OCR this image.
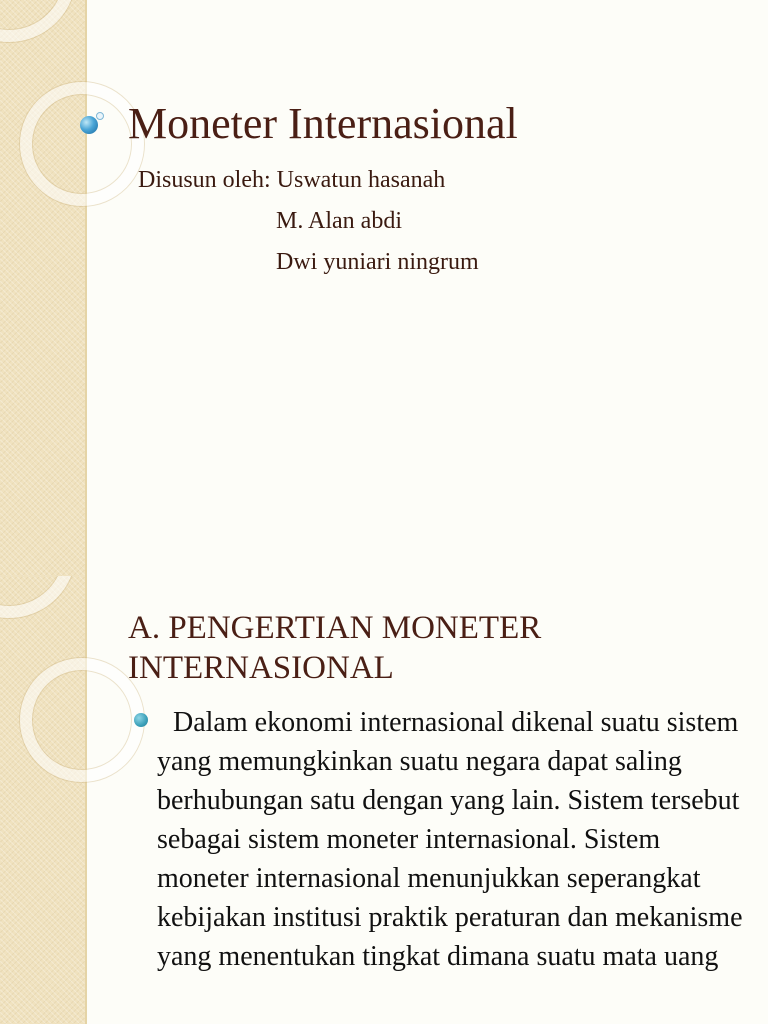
Moneter Internasional

Disusun oleh: Uswatun hasanah
M. Alan abdi
Dwi yuniari ningrum

A. PENGERTIAN MONETER
INTERNASIONAL

Dalam ekonomi internasional dikenal suatu sistem yang memungkinkan suatu negara dapat saling berhubungan satu dengan yang lain. Sistem tersebut sebagai sistem moneter internasional. Sistem moneter internasional menunjukkan seperangkat kebijakan institusi praktik peraturan dan mekanisme yang menentukan tingkat dimana suatu mata uang
